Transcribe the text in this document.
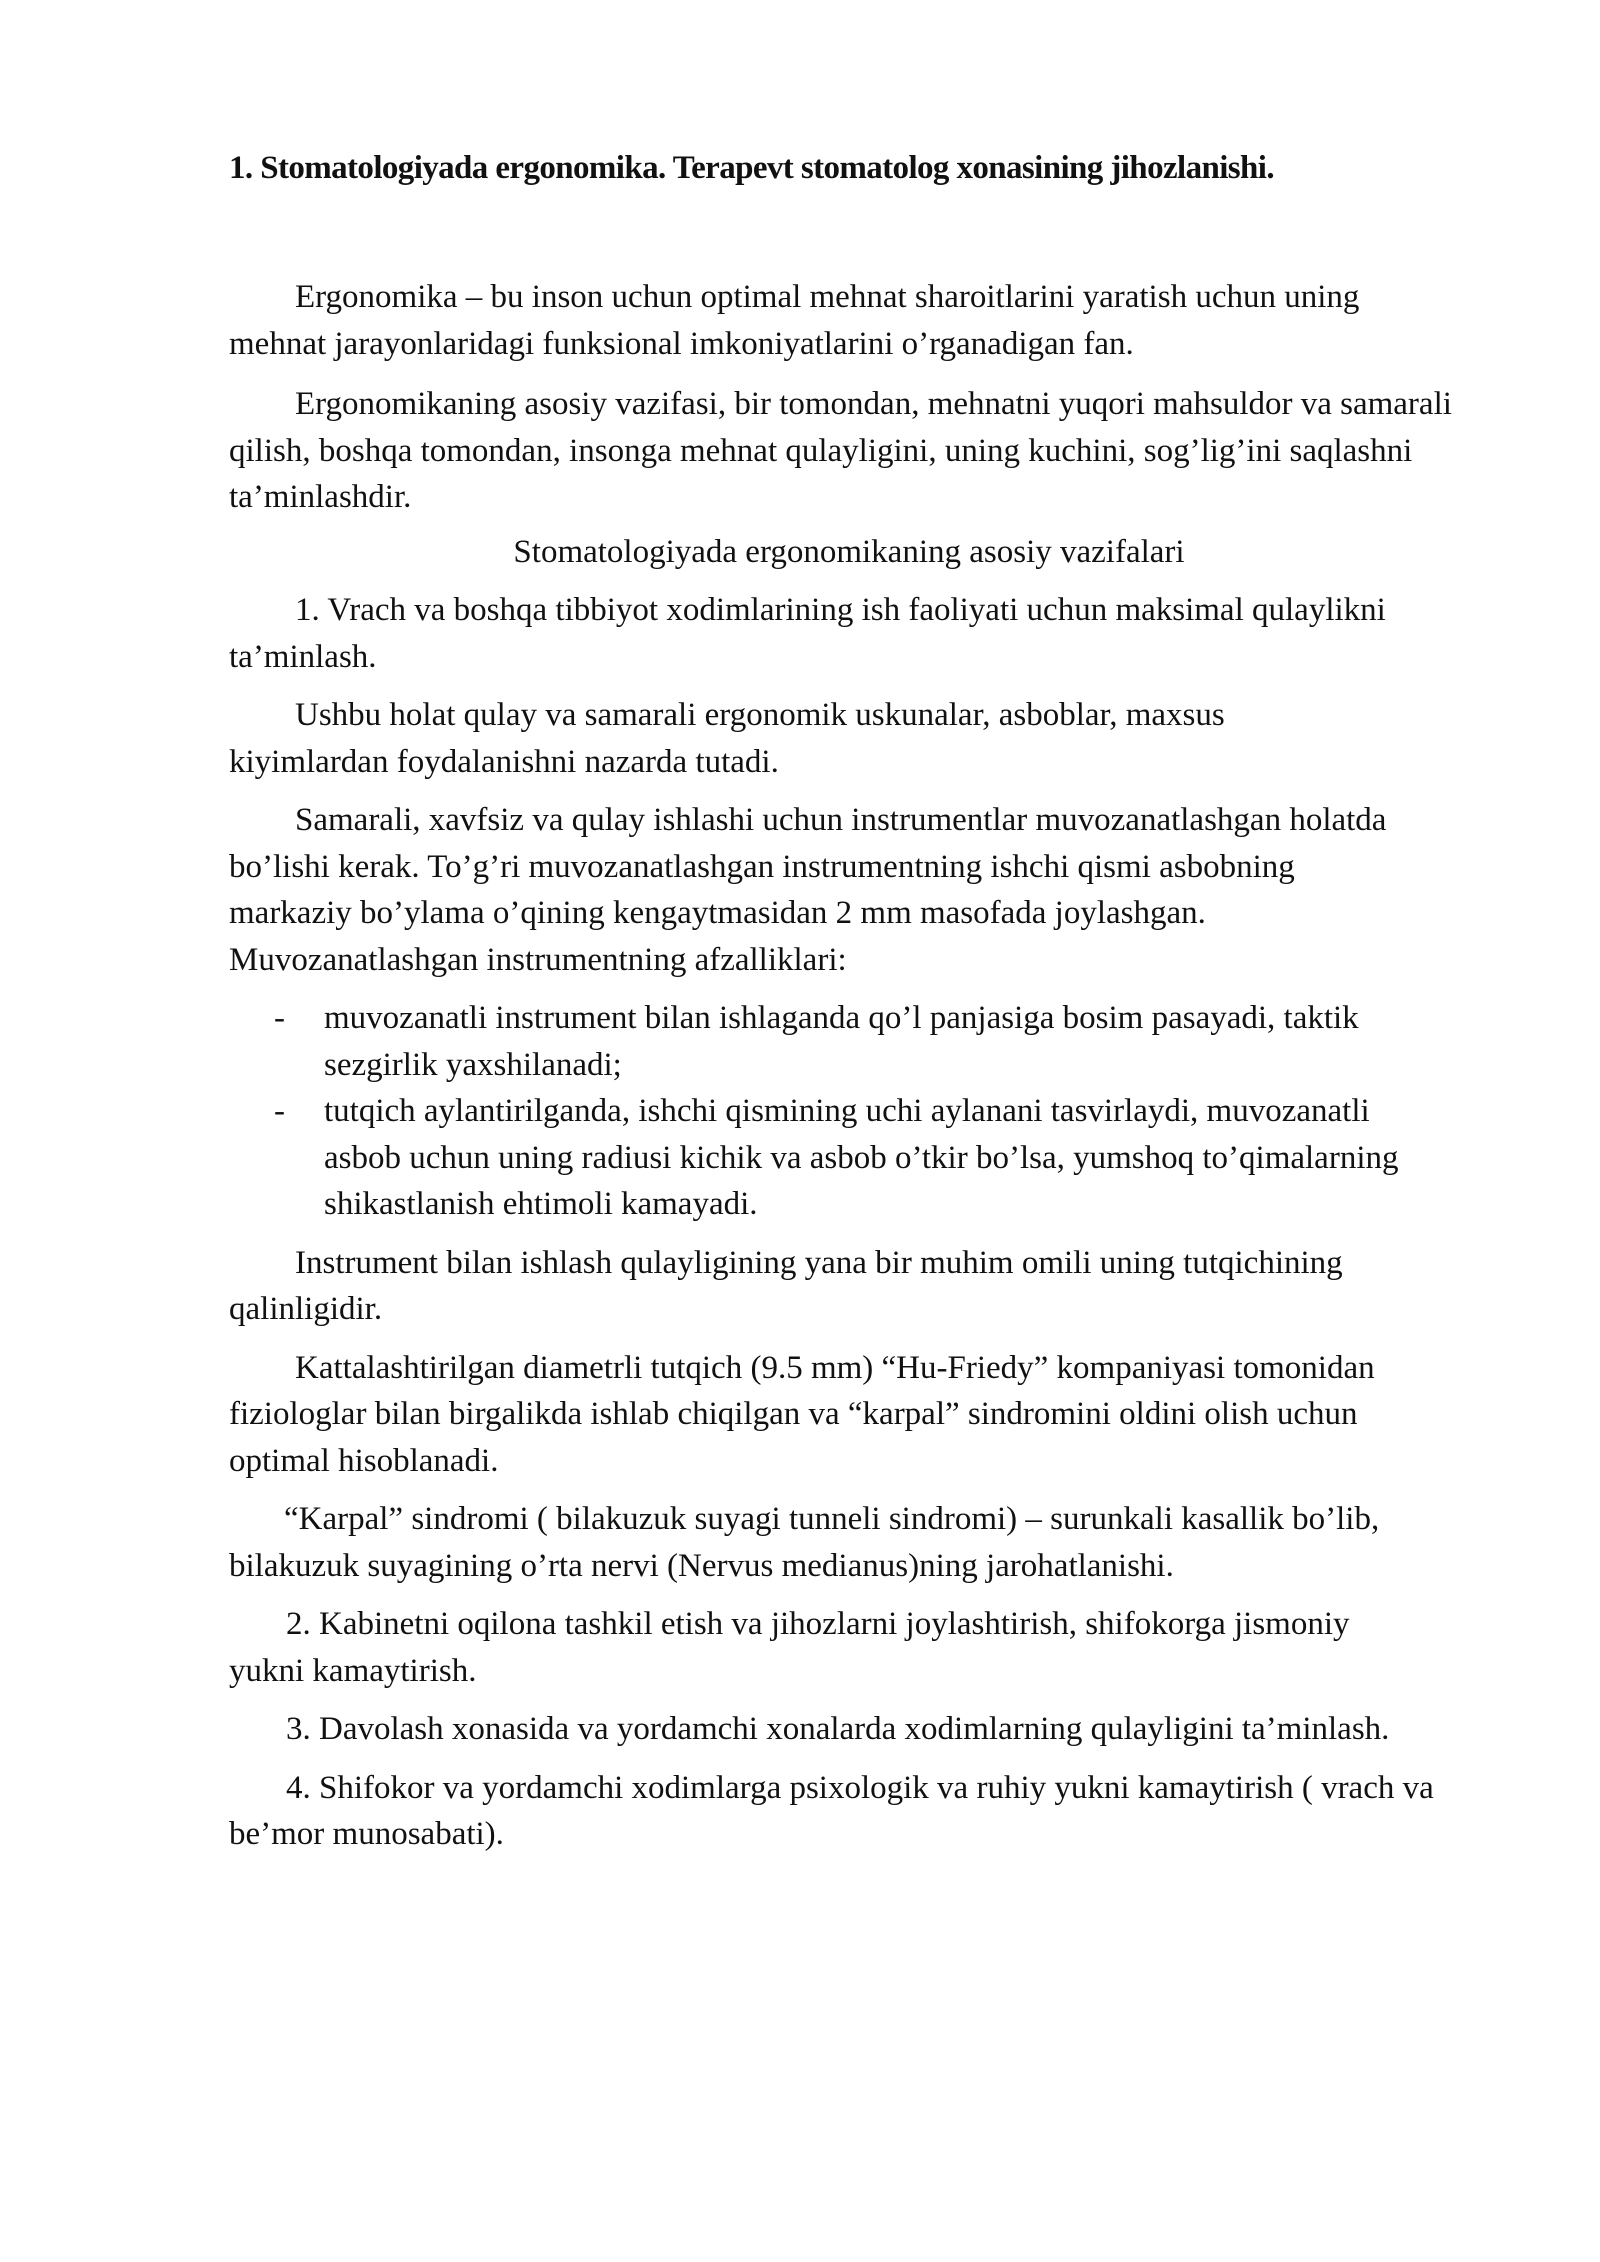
1. Stomatologiyada ergonomika. Terapevt stomatolog xonasining jihozlanishi.

Ergonomika – bu inson uchun optimal mehnat sharoitlarini yaratish uchun uning mehnat jarayonlaridagi funksional imkoniyatlarini o’rganadigan fan.

Ergonomikaning asosiy vazifasi, bir tomondan, mehnatni yuqori mahsuldor va samarali qilish, boshqa tomondan, insonga mehnat qulayligini, uning kuchini, sog’lig’ini saqlashni ta’minlashdir.

Stomatologiyada ergonomikaning asosiy vazifalari

1. Vrach va boshqa tibbiyot xodimlarining ish faoliyati uchun maksimal qulaylikni ta’minlash.

Ushbu holat qulay va samarali ergonomik uskunalar, asboblar, maxsus kiyimlardan foydalanishni nazarda tutadi.

Samarali, xavfsiz va qulay ishlashi uchun instrumentlar muvozanatlashgan holatda bo’lishi kerak. To’g’ri muvozanatlashgan instrumentning ishchi qismi asbobning markaziy bo’ylama o’qining kengaytmasidan 2 mm masofada joylashgan. Muvozanatlashgan instrumentning afzalliklari:

- muvozanatli instrument bilan ishlaganda qo’l panjasiga bosim pasayadi, taktik sezgirlik yaxshilanadi;
- tutqich aylantirilganda, ishchi qismining uchi aylanani tasvirlaydi, muvozanatli asbob uchun uning radiusi kichik va asbob o’tkir bo’lsa, yumshoq to’qimalarning shikastlanish ehtimoli kamayadi.

Instrument bilan ishlash qulayligining yana bir muhim omili uning tutqichining qalinligidir.

Kattalashtirilgan diametrli tutqich (9.5 mm) “Hu-Friedy” kompaniyasi tomonidan fiziologlar bilan birgalikda ishlab chiqilgan va “karpal” sindromini oldini olish uchun optimal hisoblanadi.

“Karpal” sindromi ( bilakuzuk suyagi tunneli sindromi) – surunkali kasallik bo’lib, bilakuzuk suyagining o’rta nervi (Nervus medianus)ning jarohatlanishi.

2. Kabinetni oqilona tashkil etish va jihozlarni joylashtirish, shifokorga jismoniy yukni kamaytirish.

3. Davolash xonasida va yordamchi xonalarda xodimlarning qulayligini ta’minlash.

4. Shifokor va yordamchi xodimlarga psixologik va ruhiy yukni kamaytirish ( vrach va be’mor munosabati).
